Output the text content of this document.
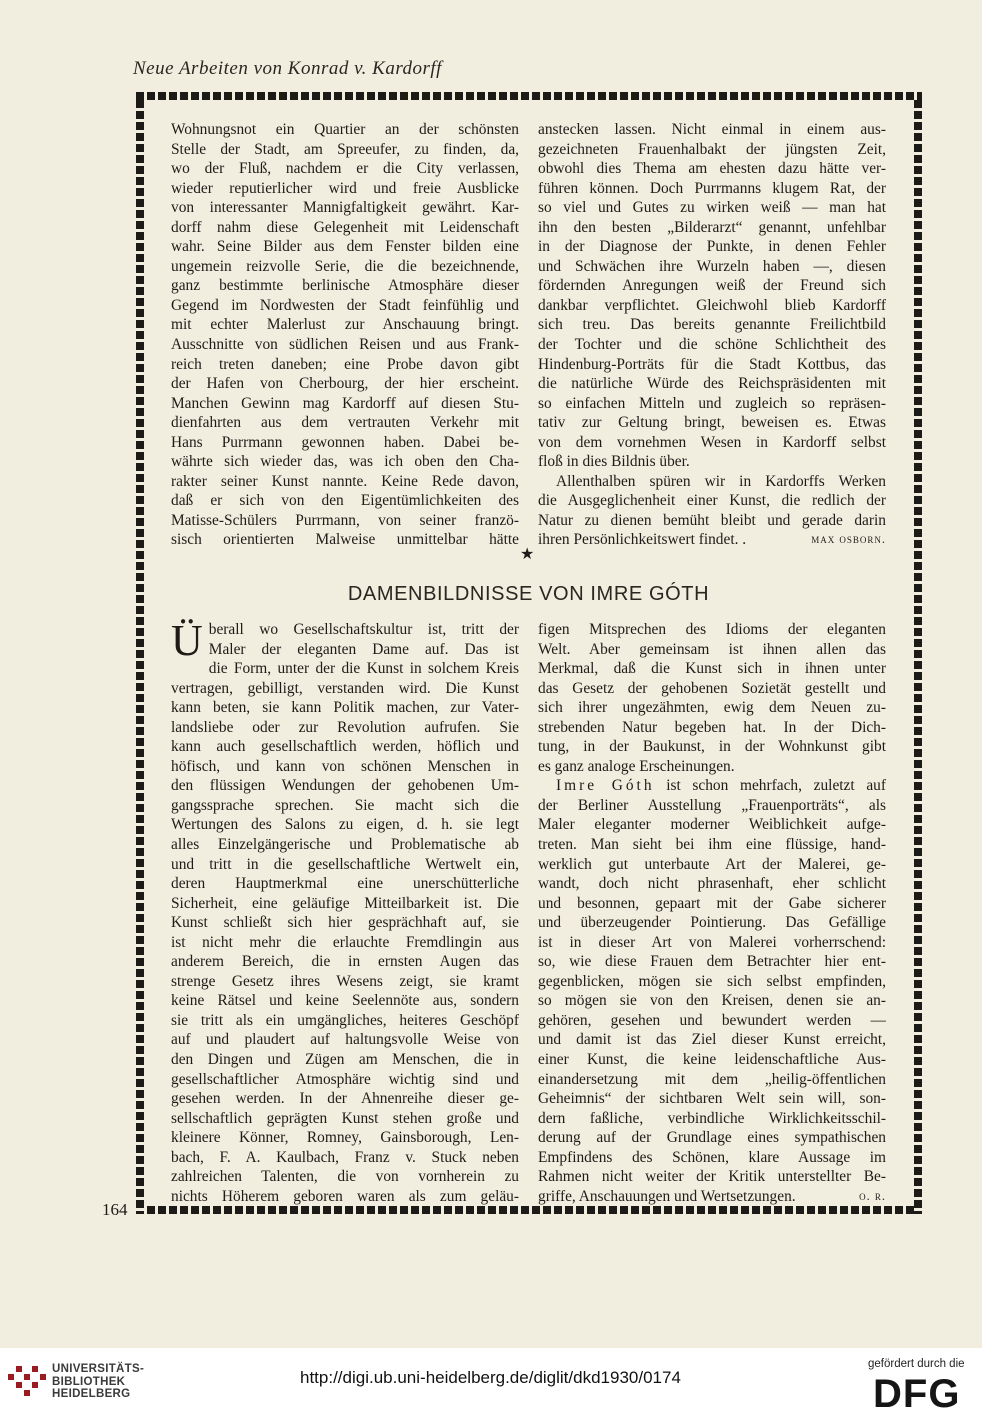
Neue Arbeiten von Konrad v. Kardorff
Wohnungsnot ein Quartier an der schönsten
Stelle der Stadt, am Spreeufer, zu finden, da,
wo der Fluß, nachdem er die City verlassen,
wieder reputierlicher wird und freie Ausblicke
von interessanter Mannigfaltigkeit gewährt. Kar-
dorff nahm diese Gelegenheit mit Leidenschaft
wahr. Seine Bilder aus dem Fenster bilden eine
ungemein reizvolle Serie, die die bezeichnende,
ganz bestimmte berlinische Atmosphäre dieser
Gegend im Nordwesten der Stadt feinfühlig und
mit echter Malerlust zur Anschauung bringt.
Ausschnitte von südlichen Reisen und aus Frank-
reich treten daneben; eine Probe davon gibt
der Hafen von Cherbourg, der hier erscheint.
Manchen Gewinn mag Kardorff auf diesen Stu-
dienfahrten aus dem vertrauten Verkehr mit
Hans Purrmann gewonnen haben. Dabei be-
währte sich wieder das, was ich oben den Cha-
rakter seiner Kunst nannte. Keine Rede davon,
daß er sich von den Eigentümlichkeiten des
Matisse-Schülers Purrmann, von seiner franzö-
sisch orientierten Malweise unmittelbar hätte
anstecken lassen. Nicht einmal in einem aus-
gezeichneten Frauenhalbakt der jüngsten Zeit,
obwohl dies Thema am ehesten dazu hätte ver-
führen können. Doch Purrmanns klugem Rat, der
so viel und Gutes zu wirken weiß — man hat
ihn den besten „Bilderarzt“ genannt, unfehlbar
in der Diagnose der Punkte, in denen Fehler
und Schwächen ihre Wurzeln haben —, diesen
fördernden Anregungen weiß der Freund sich
dankbar verpflichtet. Gleichwohl blieb Kardorff
sich treu. Das bereits genannte Freilichtbild
der Tochter und die schöne Schlichtheit des
Hindenburg-Porträts für die Stadt Kottbus, das
die natürliche Würde des Reichspräsidenten mit
so einfachen Mitteln und zugleich so repräsen-
tativ zur Geltung bringt, beweisen es. Etwas
von dem vornehmen Wesen in Kardorff selbst
floß in dies Bildnis über.
Allenthalben spüren wir in Kardorffs Werken
die Ausgeglichenheit einer Kunst, die redlich der
Natur zu dienen bemüht bleibt und gerade darin
ihren Persönlichkeitswert findet. .	max osborn.
★
DAMENBILDNISSE VON IMRE GÓTH
Ü berall wo Gesellschaftskultur ist, tritt der
Maler der eleganten Dame auf. Das ist
die Form, unter der die Kunst in solchem Kreis
vertragen, gebilligt, verstanden wird. Die Kunst
kann beten, sie kann Politik machen, zur Vater-
landsliebe oder zur Revolution aufrufen. Sie
kann auch gesellschaftlich werden, höflich und
höfisch, und kann von schönen Menschen in
den flüssigen Wendungen der gehobenen Um-
gangssprache sprechen. Sie macht sich die
Wertungen des Salons zu eigen, d. h. sie legt
alles Einzelgängerische und Problematische ab
und tritt in die gesellschaftliche Wertwelt ein,
deren Hauptmerkmal eine unerschütterliche
Sicherheit, eine geläufige Mitteilbarkeit ist. Die
Kunst schließt sich hier gesprächhaft auf, sie
ist nicht mehr die erlauchte Fremdlingin aus
anderem Bereich, die in ernsten Augen das
strenge Gesetz ihres Wesens zeigt, sie kramt
keine Rätsel und keine Seelennöte aus, sondern
sie tritt als ein umgängliches, heiteres Geschöpf
auf und plaudert auf haltungsvolle Weise von
den Dingen und Zügen am Menschen, die in
gesellschaftlicher Atmosphäre wichtig sind und
gesehen werden. In der Ahnenreihe dieser ge-
sellschaftlich geprägten Kunst stehen große und
kleinere Könner, Romney, Gainsborough, Len-
bach, F. A. Kaulbach, Franz v. Stuck neben
zahlreichen Talenten, die von vornherein zu
nichts Höherem geboren waren als zum geläu-
figen Mitsprechen des Idioms der eleganten
Welt. Aber gemeinsam ist ihnen allen das
Merkmal, daß die Kunst sich in ihnen unter
das Gesetz der gehobenen Sozietät gestellt und
sich ihrer ungezähmten, ewig dem Neuen zu-
strebenden Natur begeben hat. In der Dich-
tung, in der Baukunst, in der Wohnkunst gibt
es ganz analoge Erscheinungen.
Imre Góth ist schon mehrfach, zuletzt auf
der Berliner Ausstellung „Frauenporträts“, als
Maler eleganter moderner Weiblichkeit aufge-
treten. Man sieht bei ihm eine flüssige, hand-
werklich gut unterbaute Art der Malerei, ge-
wandt, doch nicht phrasenhaft, eher schlicht
und besonnen, gepaart mit der Gabe sicherer
und überzeugender Pointierung. Das Gefällige
ist in dieser Art von Malerei vorherrschend:
so, wie diese Frauen dem Betrachter hier ent-
gegenblicken, mögen sie sich selbst empfinden,
so mögen sie von den Kreisen, denen sie an-
gehören, gesehen und bewundert werden —
und damit ist das Ziel dieser Kunst erreicht,
einer Kunst, die keine leidenschaftliche Aus-
einandersetzung mit dem „heilig-öffentlichen
Geheimnis“ der sichtbaren Welt sein will, son-
dern faßliche, verbindliche Wirklichkeitsschil-
derung auf der Grundlage eines sympathischen
Empfindens des Schönen, klare Aussage im
Rahmen nicht weiter der Kritik unterstellter Be-
griffe, Anschauungen und Wertsetzungen.	o. r.
164
UNIVERSITÄTS-
BIBLIOTHEK
HEIDELBERG
http://digi.ub.uni-heidelberg.de/diglit/dkd1930/0174
gefördert durch die
DFG
